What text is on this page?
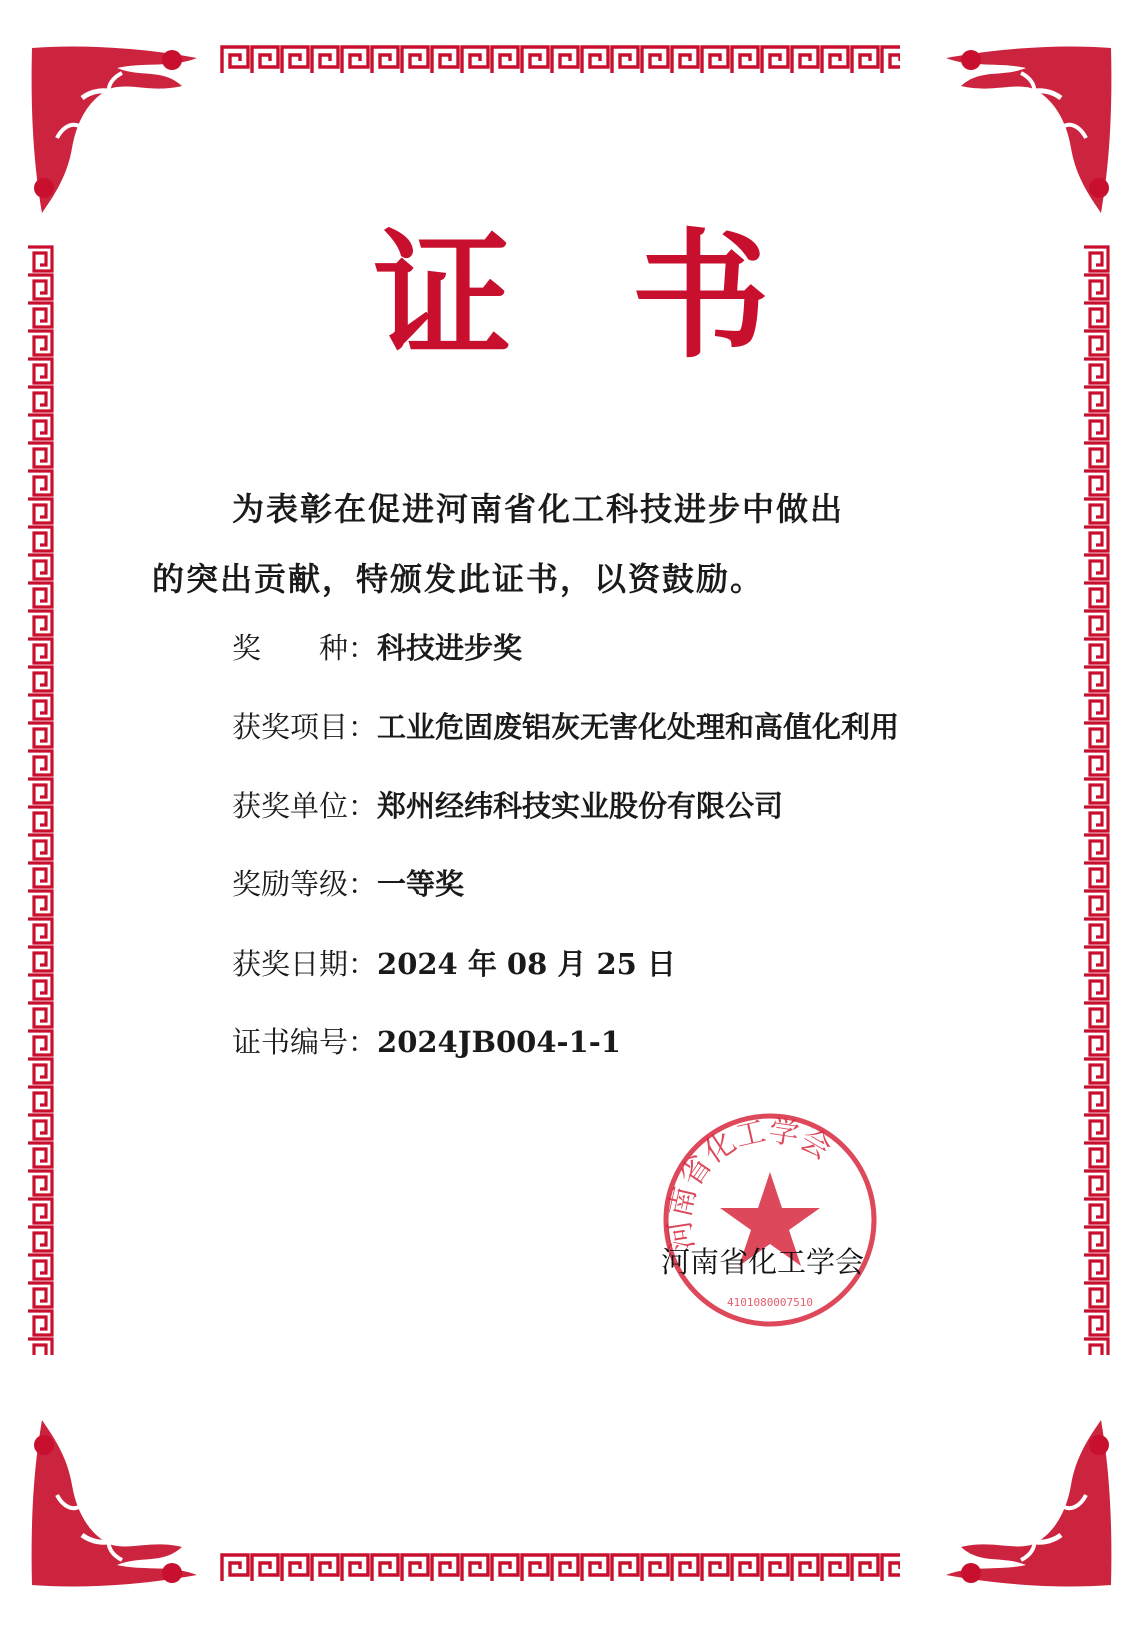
证书
为表彰在促进河南省化工科技进步中做出
的突出贡献，特颁发此证书，以资鼓励。
奖　　种：科技进步奖
获奖项目：工业危固废铝灰无害化处理和高值化利用
获奖单位：郑州经纬科技实业股份有限公司
奖励等级：一等奖
获奖日期：2024 年 08 月 25 日
证书编号：2024JB004-1-1
河南省化工学会
4101080007510
河南省化工学会
